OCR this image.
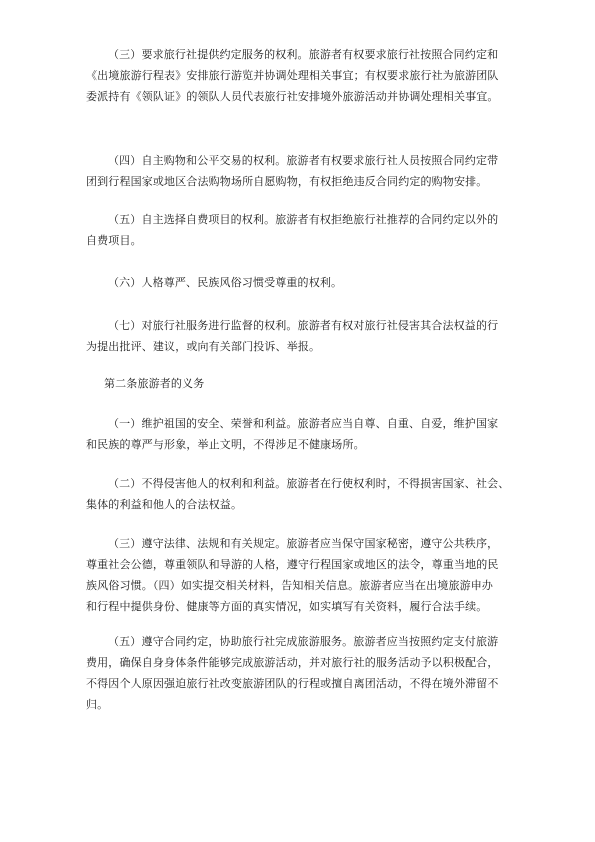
（三）要求旅行社提供约定服务的权利。旅游者有权要求旅行社按照合同约定和
《出境旅游行程表》安排旅行游览并协调处理相关事宜；有权要求旅行社为旅游团队
委派持有《领队证》的领队人员代表旅行社安排境外旅游活动并协调处理相关事宜。
（四）自主购物和公平交易的权利。旅游者有权要求旅行社人员按照合同约定带
团到行程国家或地区合法购物场所自愿购物，有权拒绝违反合同约定的购物安排。
（五）自主选择自费项目的权利。旅游者有权拒绝旅行社推荐的合同约定以外的
自费项目。
（六）人格尊严、民族风俗习惯受尊重的权利。
（七）对旅行社服务进行监督的权利。旅游者有权对旅行社侵害其合法权益的行
为提出批评、建议，或向有关部门投诉、举报。
第二条旅游者的义务
（一）维护祖国的安全、荣誉和利益。旅游者应当自尊、自重、自爱，维护国家
和民族的尊严与形象，举止文明，不得涉足不健康场所。
（二）不得侵害他人的权利和利益。旅游者在行使权利时，不得损害国家、社会、
集体的利益和他人的合法权益。
（三）遵守法律、法规和有关规定。旅游者应当保守国家秘密，遵守公共秩序，
尊重社会公德，尊重领队和导游的人格，遵守行程国家或地区的法令，尊重当地的民
族风俗习惯。（四）如实提交相关材料，告知相关信息。旅游者应当在出境旅游申办
和行程中提供身份、健康等方面的真实情况，如实填写有关资料，履行合法手续。
（五）遵守合同约定，协助旅行社完成旅游服务。旅游者应当按照约定支付旅游
费用，确保自身身体条件能够完成旅游活动，并对旅行社的服务活动予以积极配合，
不得因个人原因强迫旅行社改变旅游团队的行程或擅自离团活动，不得在境外滞留不
归。
